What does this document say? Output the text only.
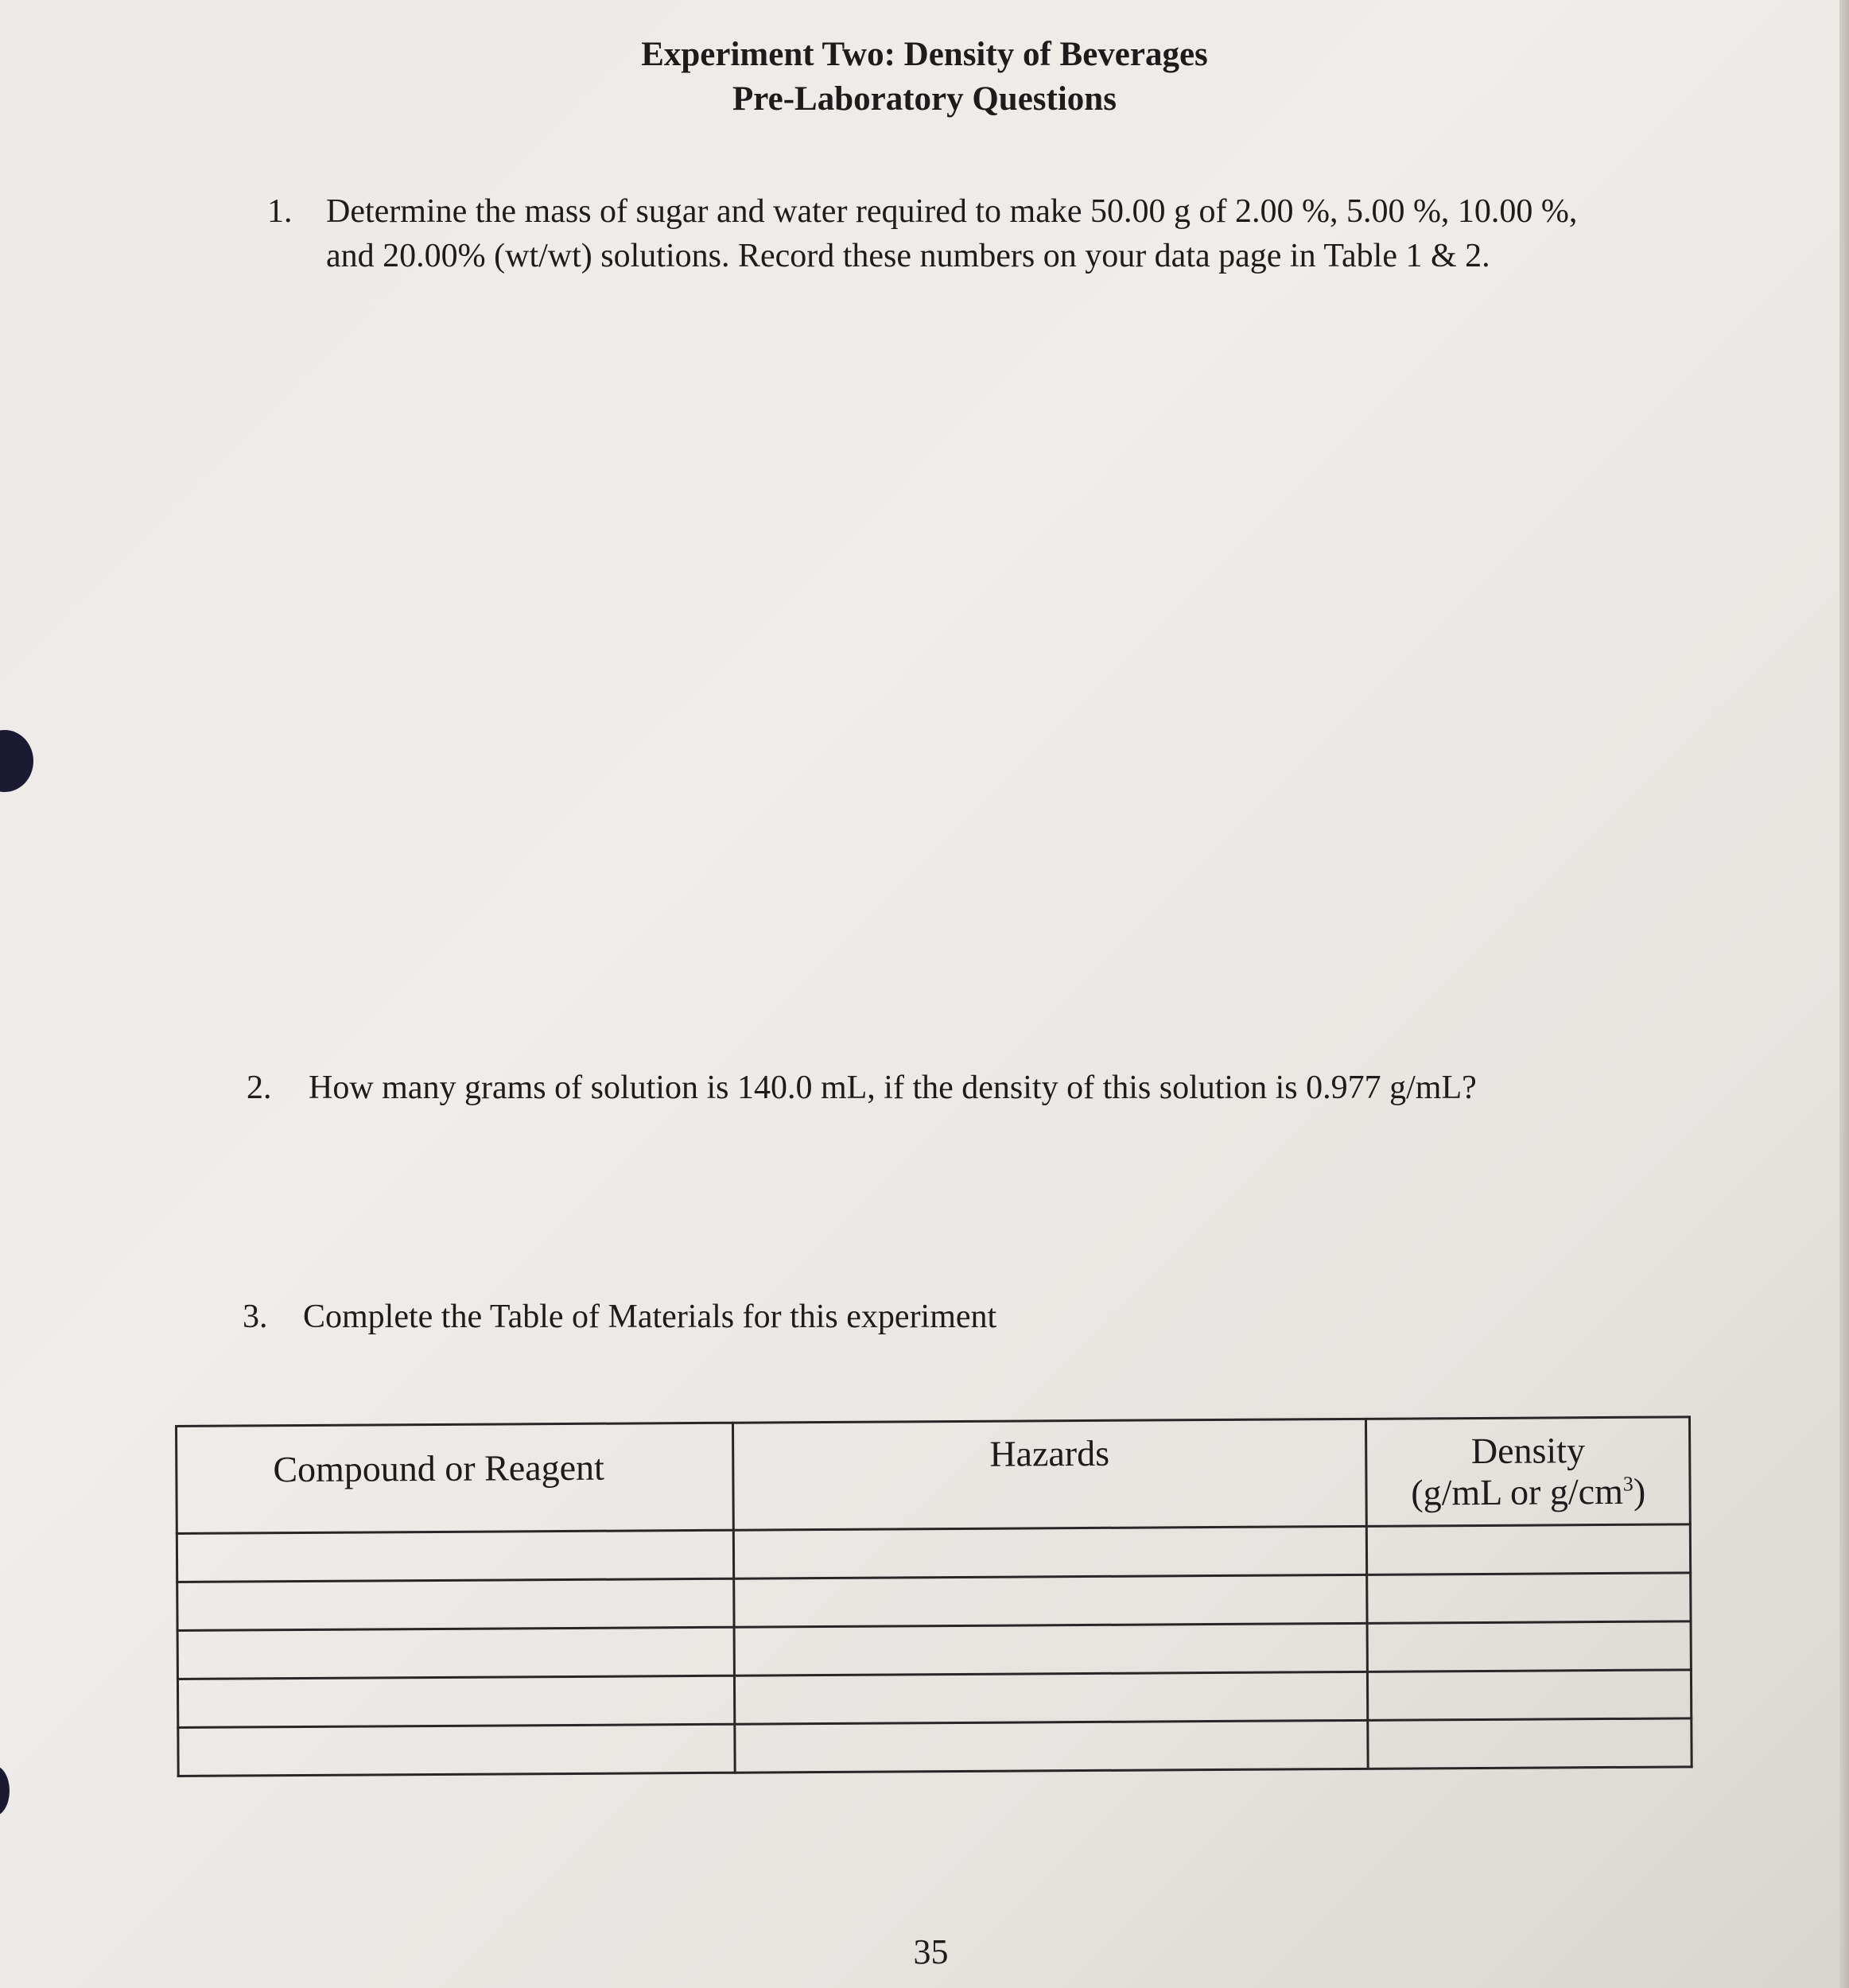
Experiment Two: Density of Beverages
Pre-Laboratory Questions
1. Determine the mass of sugar and water required to make 50.00 g of 2.00 %, 5.00 %, 10.00 %, and 20.00% (wt/wt) solutions. Record these numbers on your data page in Table 1 & 2.
2. How many grams of solution is 140.0 mL, if the density of this solution is 0.977 g/mL?
3. Complete the Table of Materials for this experiment
Compound or Reagent	Hazards	Density
(g/mL or $g/cm^3$)

35
